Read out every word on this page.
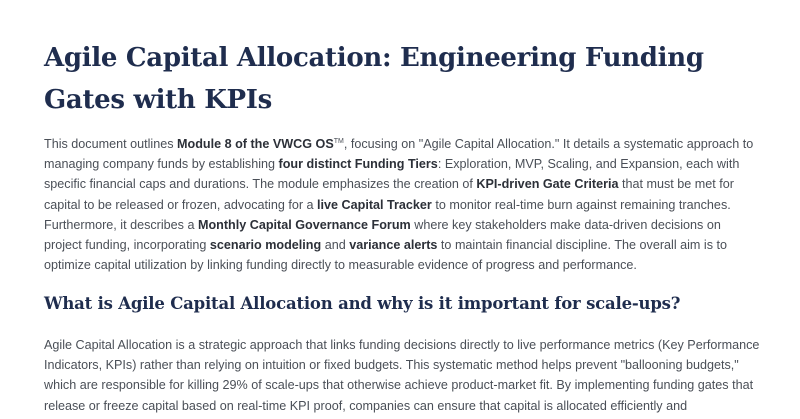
Agile Capital Allocation: Engineering Funding Gates with KPIs

This document outlines Module 8 of the VWCG OS™, focusing on "Agile Capital Allocation." It details a systematic approach to managing company funds by establishing four distinct Funding Tiers: Exploration, MVP, Scaling, and Expansion, each with specific financial caps and durations. The module emphasizes the creation of KPI-driven Gate Criteria that must be met for capital to be released or frozen, advocating for a live Capital Tracker to monitor real-time burn against remaining tranches. Furthermore, it describes a Monthly Capital Governance Forum where key stakeholders make data-driven decisions on project funding, incorporating scenario modeling and variance alerts to maintain financial discipline. The overall aim is to optimize capital utilization by linking funding directly to measurable evidence of progress and performance.

What is Agile Capital Allocation and why is it important for scale-ups?

Agile Capital Allocation is a strategic approach that links funding decisions directly to live performance metrics (Key Performance Indicators, KPIs) rather than relying on intuition or fixed budgets. This systematic method helps prevent "ballooning budgets," which are responsible for killing 29% of scale-ups that otherwise achieve product-market fit. By implementing funding gates that release or freeze capital based on real-time KPI proof, companies can ensure that capital is allocated efficiently and
